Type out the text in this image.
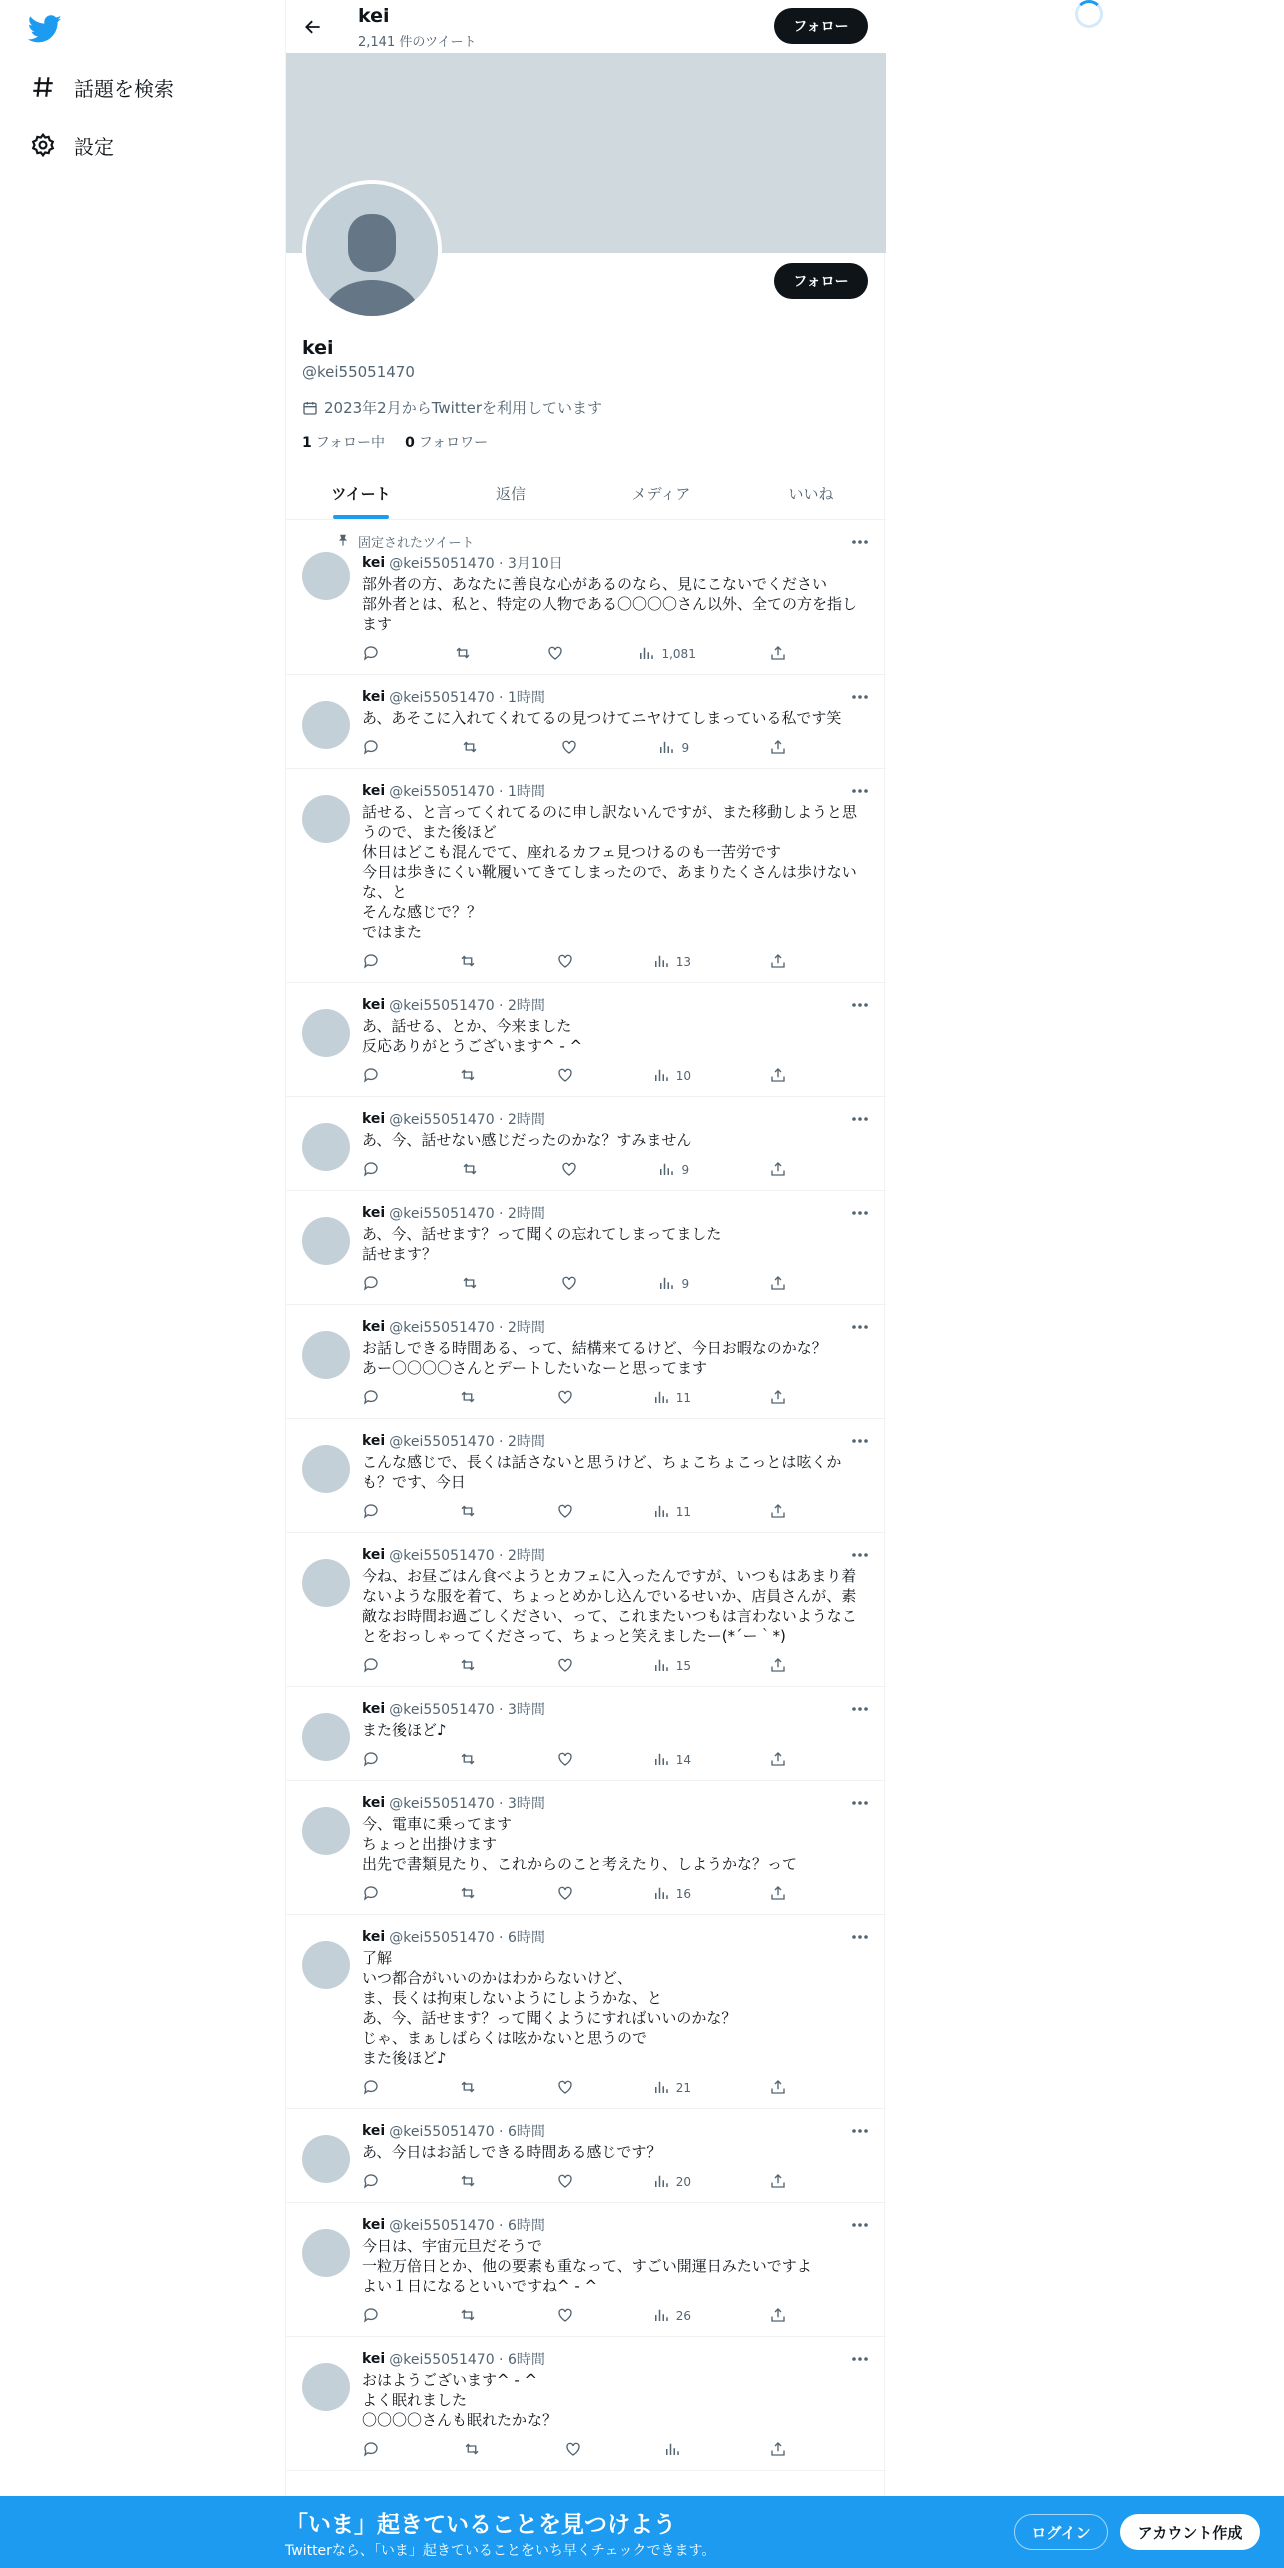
話題を検索
設定
kei
2,141 件のツイート
フォロー
フォロー
kei
@kei55051470
2023年2月からTwitterを利用しています
1 フォロー中 0 フォロワー
ツイート	返信	メディア	いいね
固定されたツイート
kei @kei55051470 · 3月10日
部外者の方、あなたに善良な心があるのなら、見にこないでください
部外者とは、私と、特定の人物である〇〇〇〇さん以外、全ての方を指します
1,081
kei @kei55051470 · 1時間
あ、あそこに入れてくれてるの見つけてニヤけてしまっている私です笑
9
kei @kei55051470 · 1時間
話せる、と言ってくれてるのに申し訳ないんですが、また移動しようと思うので、また後ほど
休日はどこも混んでて、座れるカフェ見つけるのも一苦労です
今日は歩きにくい靴履いてきてしまったので、あまりたくさんは歩けないな、と
そんな感じで？？
ではまた
13
kei @kei55051470 · 2時間
あ、話せる、とか、今来ました
反応ありがとうございます^ - ^
10
kei @kei55051470 · 2時間
あ、今、話せない感じだったのかな？すみません
9
kei @kei55051470 · 2時間
あ、今、話せます？って聞くの忘れてしまってました
話せます？
9
kei @kei55051470 · 2時間
お話しできる時間ある、って、結構来てるけど、今日お暇なのかな？
あー〇〇〇〇さんとデートしたいなーと思ってます
11
kei @kei55051470 · 2時間
こんな感じで、長くは話さないと思うけど、ちょこちょこっとは呟くかも？です、今日
11
kei @kei55051470 · 2時間
今ね、お昼ごはん食べようとカフェに入ったんですが、いつもはあまり着ないような服を着て、ちょっとめかし込んでいるせいか、店員さんが、素敵なお時間お過ごしください、って、これまたいつもは言わないようなことをおっしゃってくださって、ちょっと笑えましたー(*´ー｀*)
15
kei @kei55051470 · 3時間
また後ほど♪
14
kei @kei55051470 · 3時間
今、電車に乗ってます
ちょっと出掛けます
出先で書類見たり、これからのこと考えたり、しようかな？って
16
kei @kei55051470 · 6時間
了解
いつ都合がいいのかはわからないけど、
ま、長くは拘束しないようにしようかな、と
あ、今、話せます？って聞くようにすればいいのかな？
じゃ、まぁしばらくは呟かないと思うので
また後ほど♪
21
kei @kei55051470 · 6時間
あ、今日はお話しできる時間ある感じです？
20
kei @kei55051470 · 6時間
今日は、宇宙元旦だそうで
一粒万倍日とか、他の要素も重なって、すごい開運日みたいですよ
よい１日になるといいですね^ - ^
26
kei @kei55051470 · 6時間
おはようございます^ - ^
よく眠れました
〇〇〇〇さんも眠れたかな？
「いま」起きていることを見つけよう
Twitterなら、「いま」起きていることをいち早くチェックできます。
ログイン	アカウント作成
